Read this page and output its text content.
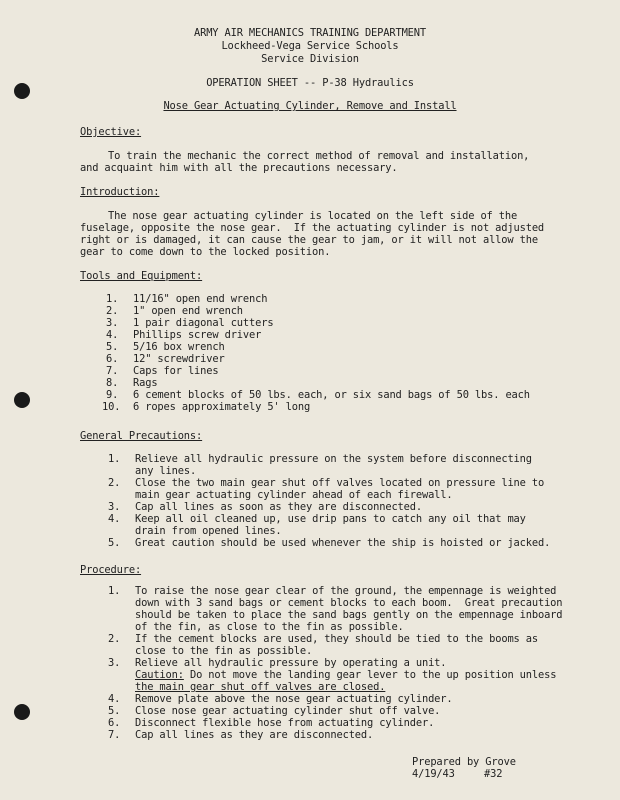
ARMY AIR MECHANICS TRAINING DEPARTMENT
Lockheed-Vega Service Schools
Service Division
OPERATION SHEET -- P-38 Hydraulics
Nose Gear Actuating Cylinder, Remove and Install
Objective:
To train the mechanic the correct method of removal and installation,
and acquaint him with all the precautions necessary.
Introduction:
The nose gear actuating cylinder is located on the left side of the
fuselage, opposite the nose gear.  If the actuating cylinder is not adjusted
right or is damaged, it can cause the gear to jam, or it will not allow the
gear to come down to the locked position.
Tools and Equipment:
1.	11/16" open end wrench
2.	1" open end wrench
3.	1 pair diagonal cutters
4.	Phillips screw driver
5.	5/16 box wrench
6.	12" screwdriver
7.	Caps for lines
8.	Rags
9.	6 cement blocks of 50 lbs. each, or six sand bags of 50 lbs. each
10.	6 ropes approximately 5' long
General Precautions:
1.	Relieve all hydraulic pressure on the system before disconnecting
any lines.
2.	Close the two main gear shut off valves located on pressure line to
main gear actuating cylinder ahead of each firewall.
3.	Cap all lines as soon as they are disconnected.
4.	Keep all oil cleaned up, use drip pans to catch any oil that may
drain from opened lines.
5.	Great caution should be used whenever the ship is hoisted or jacked.
Procedure:
1.	To raise the nose gear clear of the ground, the empennage is weighted
down with 3 sand bags or cement blocks to each boom.  Great precaution
should be taken to place the sand bags gently on the empennage inboard
of the fin, as close to the fin as possible.
2.	If the cement blocks are used, they should be tied to the booms as
close to the fin as possible.
3.	Relieve all hydraulic pressure by operating a unit.
Caution: Do not move the landing gear lever to the up position unless
the main gear shut off valves are closed.
4.	Remove plate above the nose gear actuating cylinder.
5.	Close nose gear actuating cylinder shut off valve.
6.	Disconnect flexible hose from actuating cylinder.
7.	Cap all lines as they are disconnected.
Prepared by Grove
4/19/43	#32
